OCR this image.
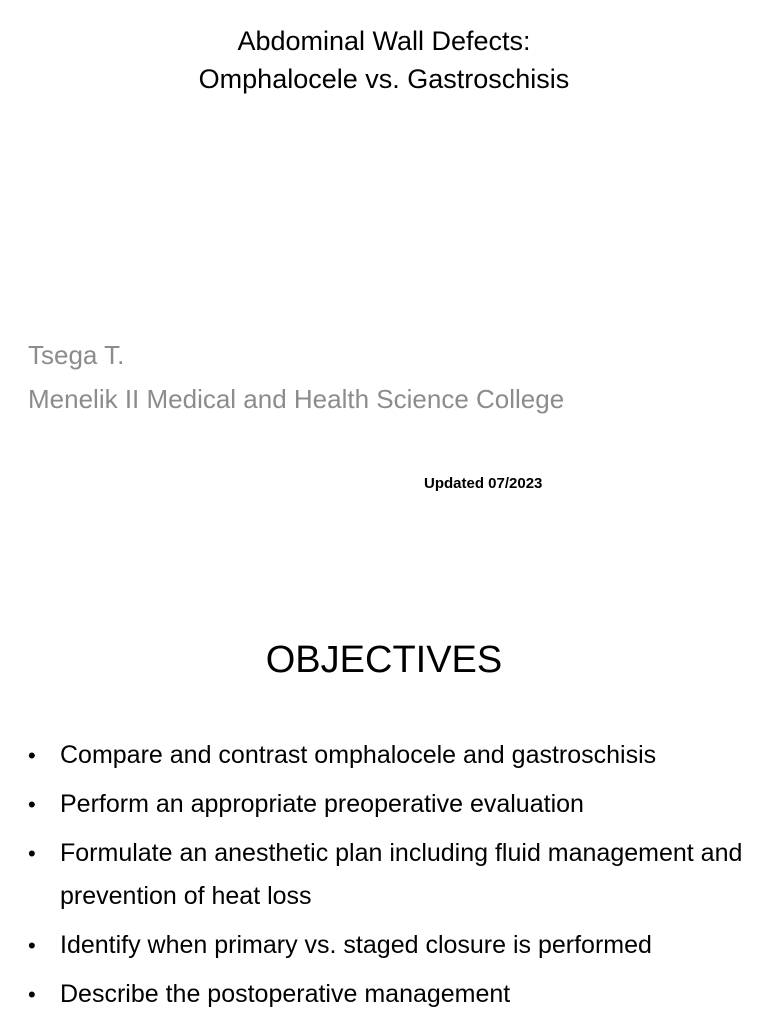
Abdominal Wall Defects:
Omphalocele vs. Gastroschisis
Tsega T.
Menelik II Medical and Health Science College
Updated 07/2023
OBJECTIVES
• Compare and contrast omphalocele and gastroschisis
• Perform an appropriate preoperative evaluation
• Formulate an anesthetic plan including fluid management and prevention of heat loss
• Identify when primary vs. staged closure is performed
• Describe the postoperative management
